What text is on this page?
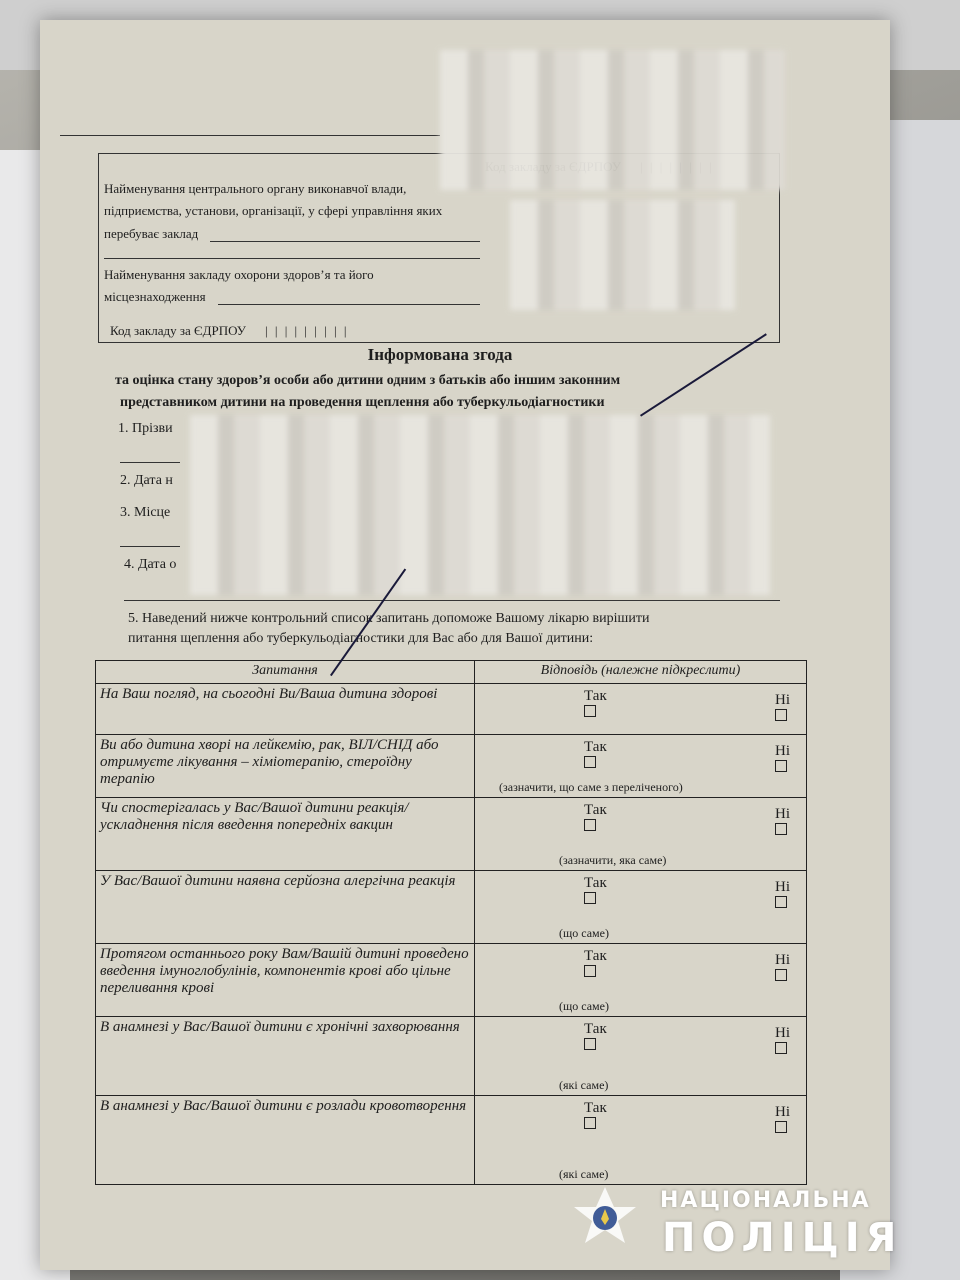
Найменування центрального органу виконавчої влади,
підприємства, установи, організації, у сфері управління яких
перебуває заклад
Найменування закладу охорони здоров’я та його
місцезнаходження
Код закладу за ЄДРПОУ | | | | | | | | |
Інформована згода
та оцінка стану здоров’я особи або дитини одним з батьків або іншим законним
представником дитини на проведення щеплення або туберкульодіагностики
1. Прізви
2. Дата н
3. Місце
4. Дата о
5. Наведений нижче контрольний список запитань допоможе Вашому лікарю вирішити
питання щеплення або туберкульодіагностики для Вас або для Вашої дитини:
Запитання	Відповідь (належне підкреслити)
На Ваш погляд, на сьогодні Ви/Ваша дитина здорові	Так Ні

Ви або дитина хворі на лейкемію, рак, ВІЛ/СНІД або отримуєте лікування – хіміотерапію, стероїдну терапію	Так Ні

(зазначити, що саме з переліченого)

Чи спостерігалась у Вас/Вашої дитини реакція/ускладнення після введення попередніх вакцин	Так Ні

(зазначити, яка саме)

У Вас/Вашої дитини наявна серйозна алергічна реакція	Так Ні

(що саме)

Протягом останнього року Вам/Вашій дитині проведено введення імуноглобулінів, компонентів крові або цільне переливання крові	Так Ні

(що саме)

В анамнезі у Вас/Вашої дитини є хронічні захворювання	Так Ні

(які саме)

В анамнезі у Вас/Вашої дитини є розлади кровотворення	Так Ні

(які саме)
НАЦІОНАЛЬНА
ПОЛІЦІЯ
